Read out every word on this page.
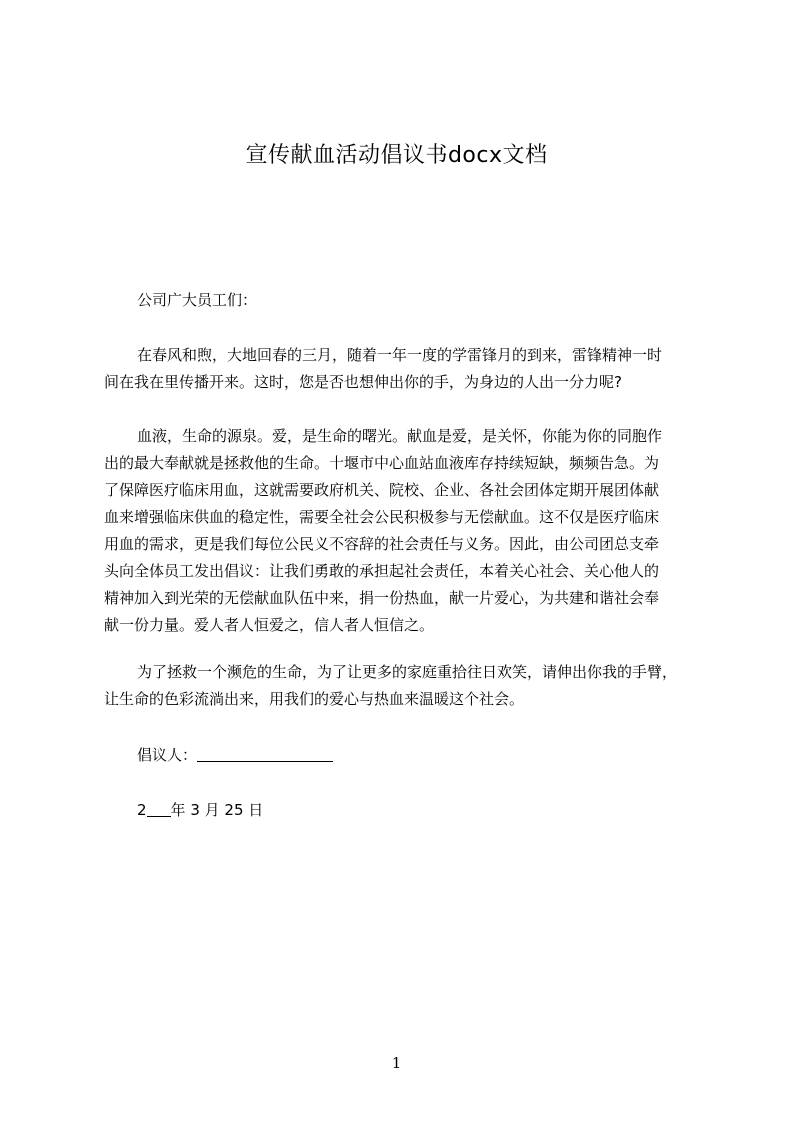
宣传献血活动倡议书docx文档
公司广大员工们：
在春风和煦，大地回春的三月，随着一年一度的学雷锋月的到来，雷锋精神一时
间在我在里传播开来。这时，您是否也想伸出你的手，为身边的人出一分力呢?
血液，生命的源泉。爱，是生命的曙光。献血是爱，是关怀，你能为你的同胞作
出的最大奉献就是拯救他的生命。十堰市中心血站血液库存持续短缺，频频告急。为
了保障医疗临床用血，这就需要政府机关、院校、企业、各社会团体定期开展团体献
血来增强临床供血的稳定性，需要全社会公民积极参与无偿献血。这不仅是医疗临床
用血的需求，更是我们每位公民义不容辞的社会责任与义务。因此，由公司团总支牵
头向全体员工发出倡议：让我们勇敢的承担起社会责任，本着关心社会、关心他人的
精神加入到光荣的无偿献血队伍中来，捐一份热血，献一片爱心，为共建和谐社会奉
献一份力量。爱人者人恒爱之，信人者人恒信之。
为了拯救一个濒危的生命，为了让更多的家庭重拾往日欢笑，请伸出你我的手臂，
让生命的色彩流淌出来，用我们的爱心与热血来温暖这个社会。
倡议人：
2 年 3 月 25 日
1
